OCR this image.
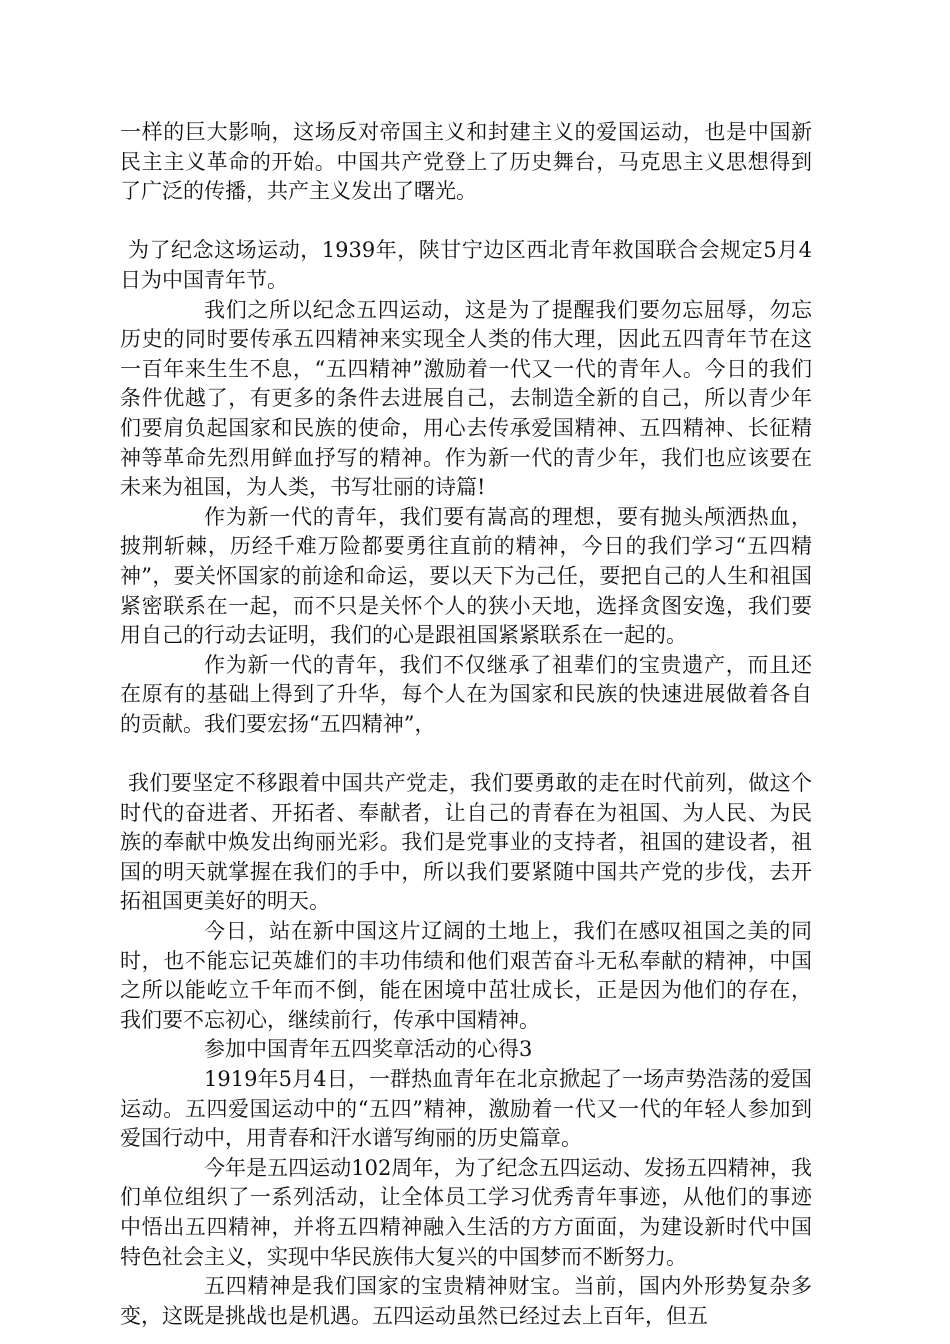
一样的巨大影响，这场反对帝国主义和封建主义的爱国运动，也是中国新民主主义革命的开始。中国共产党登上了历史舞台，马克思主义思想得到了广泛的传播，共产主义发出了曙光。

为了纪念这场运动，1939年，陕甘宁边区西北青年救国联合会规定5月4日为中国青年节。

我们之所以纪念五四运动，这是为了提醒我们要勿忘屈辱，勿忘历史的同时要传承五四精神来实现全人类的伟大理，因此五四青年节在这一百年来生生不息，“五四精神”激励着一代又一代的青年人。今日的我们条件优越了，有更多的条件去进展自己，去制造全新的自己，所以青少年们要肩负起国家和民族的使命，用心去传承爱国精神、五四精神、长征精神等革命先烈用鲜血抒写的精神。作为新一代的青少年，我们也应该要在未来为祖国，为人类，书写壮丽的诗篇!

作为新一代的青年，我们要有嵩高的理想，要有抛头颅洒热血，披荆斩棘，历经千难万险都要勇往直前的精神，今日的我们学习“五四精神”，要关怀国家的前途和命运，要以天下为己任，要把自己的人生和祖国紧密联系在一起，而不只是关怀个人的狭小天地，选择贪图安逸，我们要用自己的行动去证明，我们的心是跟祖国紧紧联系在一起的。

作为新一代的青年，我们不仅继承了祖辈们的宝贵遗产，而且还在原有的基础上得到了升华，每个人在为国家和民族的快速进展做着各自的贡献。我们要宏扬“五四精神”，

我们要坚定不移跟着中国共产党走，我们要勇敢的走在时代前列，做这个时代的奋进者、开拓者、奉献者，让自己的青春在为祖国、为人民、为民族的奉献中焕发出绚丽光彩。我们是党事业的支持者，祖国的建设者，祖国的明天就掌握在我们的手中，所以我们要紧随中国共产党的步伐，去开拓祖国更美好的明天。

今日，站在新中国这片辽阔的土地上，我们在感叹祖国之美的同时，也不能忘记英雄们的丰功伟绩和他们艰苦奋斗无私奉献的精神，中国之所以能屹立千年而不倒，能在困境中茁壮成长，正是因为他们的存在，我们要不忘初心，继续前行，传承中国精神。

参加中国青年五四奖章活动的心得3

1919年5月4日，一群热血青年在北京掀起了一场声势浩荡的爱国运动。五四爱国运动中的“五四”精神，激励着一代又一代的年轻人参加到爱国行动中，用青春和汗水谱写绚丽的历史篇章。

今年是五四运动102周年，为了纪念五四运动、发扬五四精神，我们单位组织了一系列活动，让全体员工学习优秀青年事迹，从他们的事迹中悟出五四精神，并将五四精神融入生活的方方面面，为建设新时代中国特色社会主义，实现中华民族伟大复兴的中国梦而不断努力。

五四精神是我们国家的宝贵精神财宝。当前，国内外形势复杂多变，这既是挑战也是机遇。五四运动虽然已经过去上百年，但五
